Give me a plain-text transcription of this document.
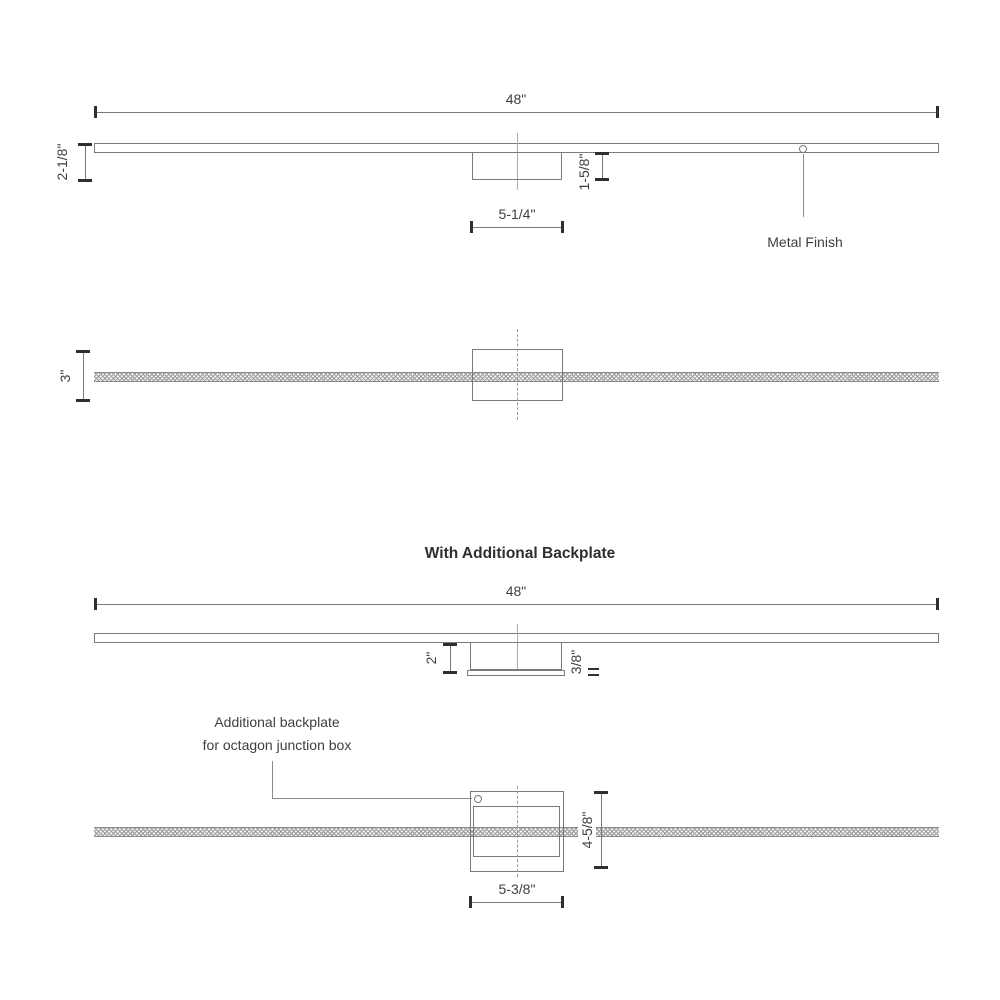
48"
2-1/8"	1-5/8"
5-1/4"
Metal Finish
3"
With Additional Backplate
48"
2"	3/8"
Additional backplate
for octagon junction box
4-5/8"
5-3/8"
